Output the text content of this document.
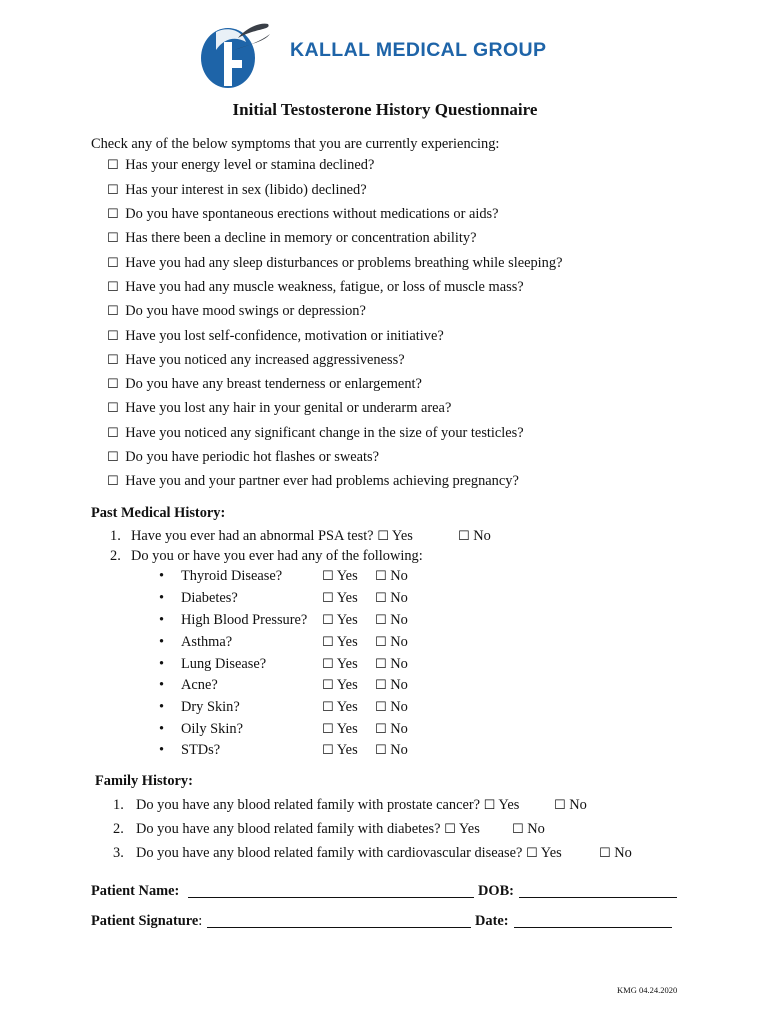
KALLAL MEDICAL GROUP
Initial Testosterone History Questionnaire
Check any of the below symptoms that you are currently experiencing:
☐ Has your energy level or stamina declined?
☐ Has your interest in sex (libido) declined?
☐ Do you have spontaneous erections without medications or aids?
☐ Has there been a decline in memory or concentration ability?
☐ Have you had any sleep disturbances or problems breathing while sleeping?
☐ Have you had any muscle weakness, fatigue, or loss of muscle mass?
☐ Do you have mood swings or depression?
☐ Have you lost self-confidence, motivation or initiative?
☐ Have you noticed any increased aggressiveness?
☐ Do you have any breast tenderness or enlargement?
☐ Have you lost any hair in your genital or underarm area?
☐ Have you noticed any significant change in the size of your testicles?
☐ Do you have periodic hot flashes or sweats?
☐ Have you and your partner ever had problems achieving pregnancy?
Past Medical History:
1. Have you ever had an abnormal PSA test? ☐ Yes	☐ No
2. Do you or have you ever had any of the following:
• Thyroid Disease?	☐ Yes ☐ No
• Diabetes?	☐ Yes ☐ No
• High Blood Pressure? ☐ Yes ☐ No
• Asthma?	☐ Yes ☐ No
• Lung Disease?	☐ Yes ☐ No
• Acne?	☐ Yes ☐ No
• Dry Skin?	☐ Yes ☐ No
• Oily Skin?	☐ Yes ☐ No
• STDs?	☐ Yes ☐ No
Family History:
1. Do you have any blood related family with prostate cancer? ☐ Yes	☐ No
2. Do you have any blood related family with diabetes? ☐ Yes ☐ No
3. Do you have any blood related family with cardiovascular disease? ☐ Yes	☐ No
Patient Name:	DOB:
Patient Signature:	Date:
KMG 04.24.2020
